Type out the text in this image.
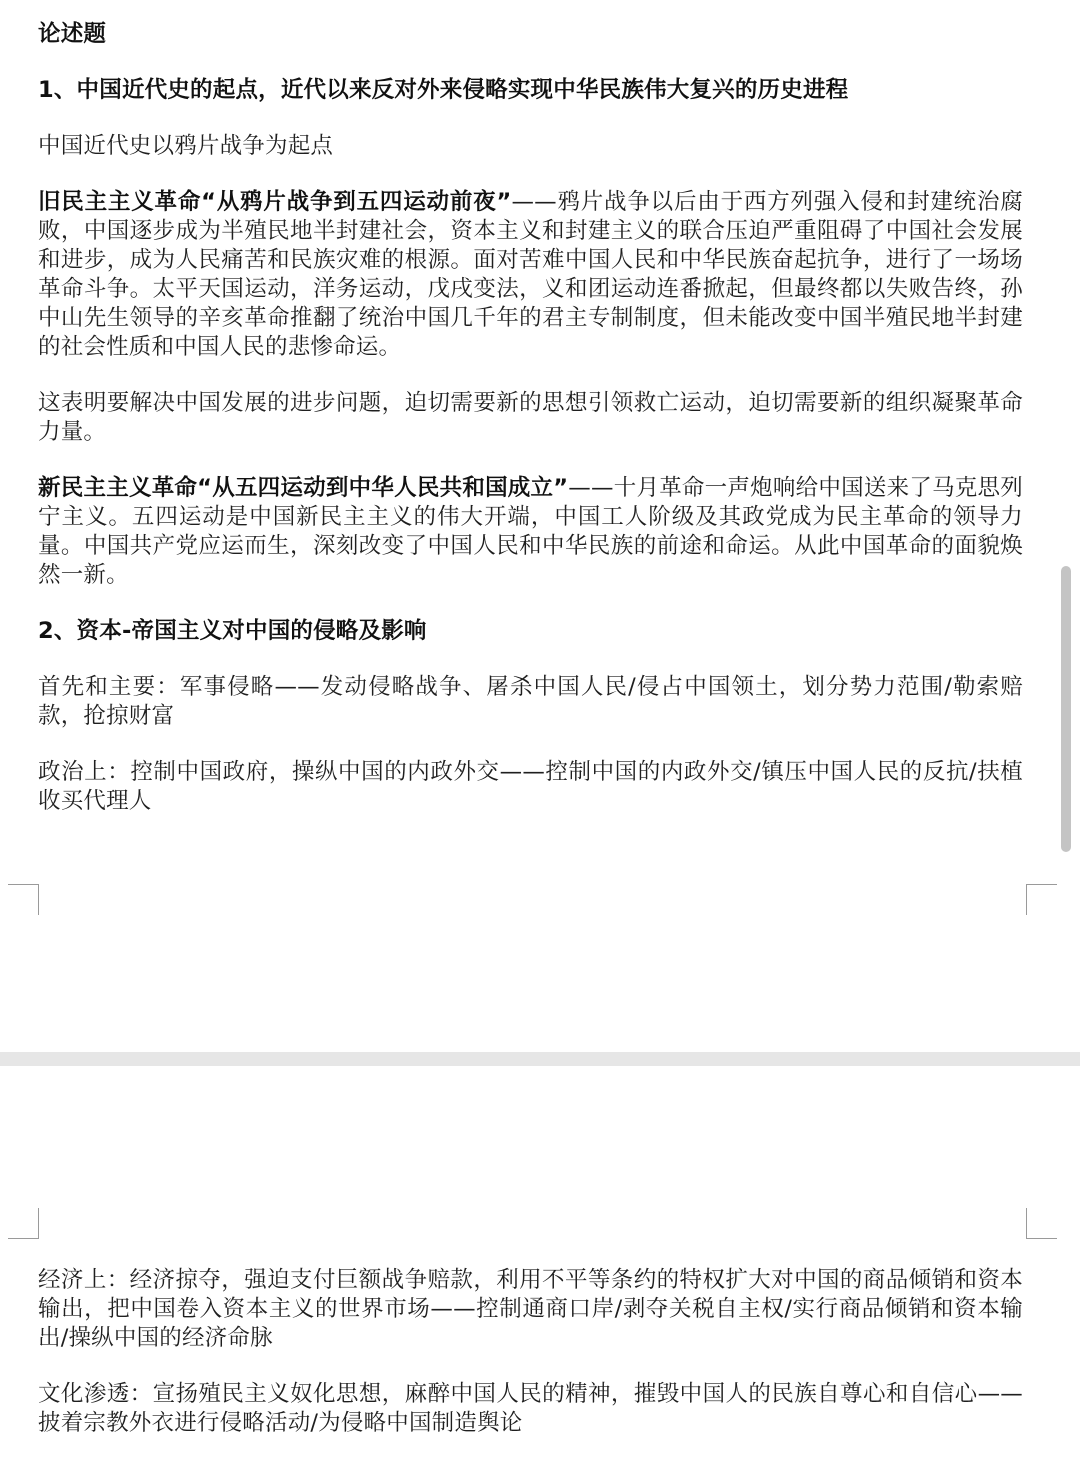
论述题
1、中国近代史的起点，近代以来反对外来侵略实现中华民族伟大复兴的历史进程
中国近代史以鸦片战争为起点
旧民主主义革命“从鸦片战争到五四运动前夜”——鸦片战争以后由于西方列强入侵和封建统治腐败，中国逐步成为半殖民地半封建社会，资本主义和封建主义的联合压迫严重阻碍了中国社会发展和进步，成为人民痛苦和民族灾难的根源。面对苦难中国人民和中华民族奋起抗争，进行了一场场革命斗争。太平天国运动，洋务运动，戊戌变法，义和团运动连番掀起，但最终都以失败告终，孙中山先生领导的辛亥革命推翻了统治中国几千年的君主专制制度，但未能改变中国半殖民地半封建的社会性质和中国人民的悲惨命运。
这表明要解决中国发展的进步问题，迫切需要新的思想引领救亡运动，迫切需要新的组织凝聚革命力量。
新民主主义革命“从五四运动到中华人民共和国成立”——十月革命一声炮响给中国送来了马克思列宁主义。五四运动是中国新民主主义的伟大开端，中国工人阶级及其政党成为民主革命的领导力量。中国共产党应运而生，深刻改变了中国人民和中华民族的前途和命运。从此中国革命的面貌焕然一新。
2、资本-帝国主义对中国的侵略及影响
首先和主要：军事侵略——发动侵略战争、屠杀中国人民/侵占中国领土，划分势力范围/勒索赔款，抢掠财富
政治上：控制中国政府，操纵中国的内政外交——控制中国的内政外交/镇压中国人民的反抗/扶植收买代理人
经济上：经济掠夺，强迫支付巨额战争赔款，利用不平等条约的特权扩大对中国的商品倾销和资本输出，把中国卷入资本主义的世界市场——控制通商口岸/剥夺关税自主权/实行商品倾销和资本输出/操纵中国的经济命脉
文化渗透：宣扬殖民主义奴化思想，麻醉中国人民的精神，摧毁中国人的民族自尊心和自信心——披着宗教外衣进行侵略活动/为侵略中国制造舆论
